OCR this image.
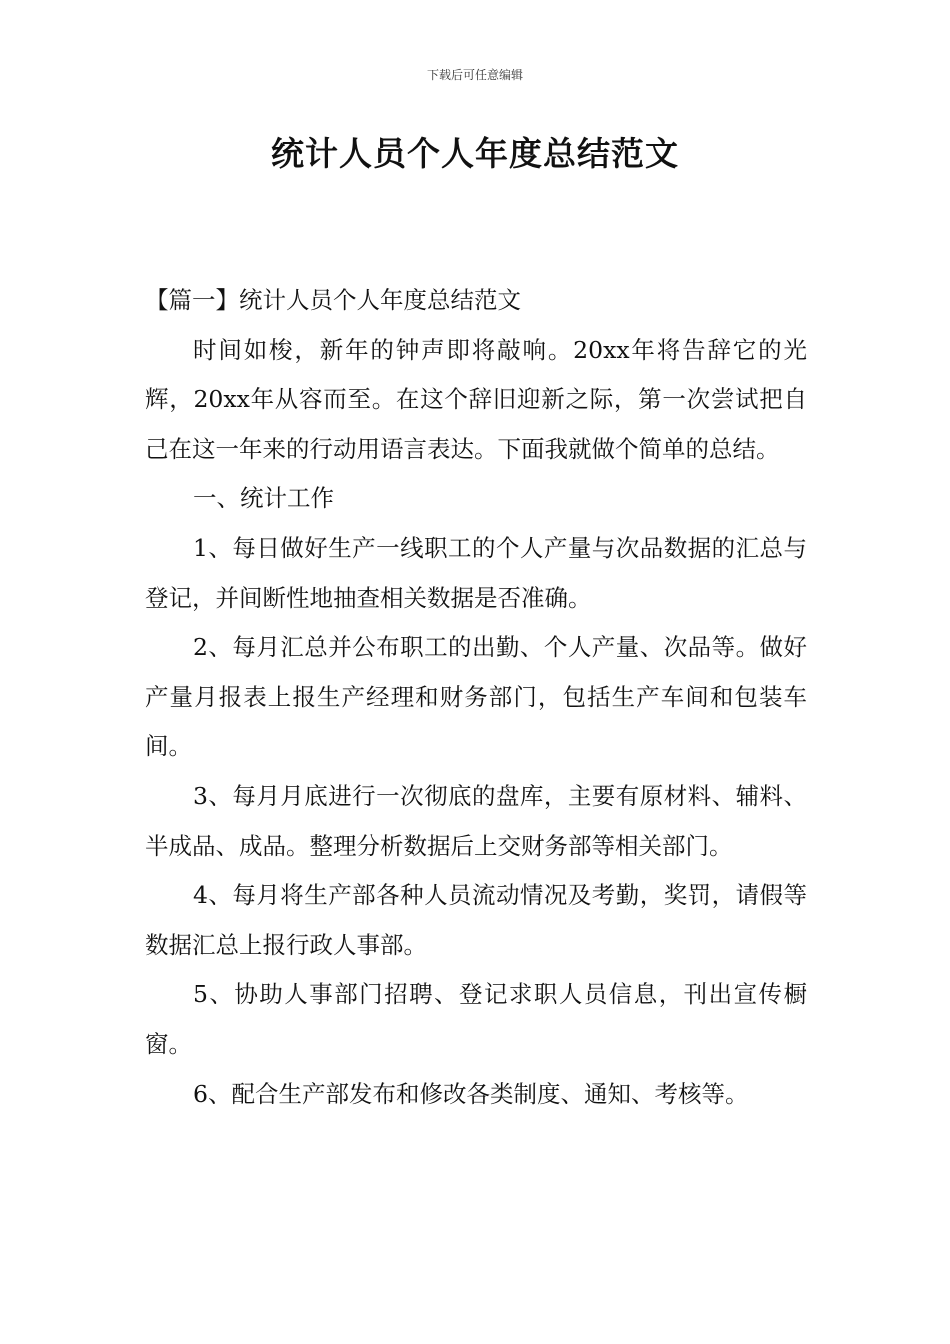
下载后可任意编辑
统计人员个人年度总结范文

【篇一】统计人员个人年度总结范文

时间如梭，新年的钟声即将敲响。20xx年将告辞它的光辉，20xx年从容而至。在这个辞旧迎新之际，第一次尝试把自己在这一年来的行动用语言表达。下面我就做个简单的总结。

一、统计工作

1、每日做好生产一线职工的个人产量与次品数据的汇总与登记，并间断性地抽查相关数据是否准确。

2、每月汇总并公布职工的出勤、个人产量、次品等。做好产量月报表上报生产经理和财务部门，包括生产车间和包装车间。

3、每月月底进行一次彻底的盘库，主要有原材料、辅料、半成品、成品。整理分析数据后上交财务部等相关部门。

4、每月将生产部各种人员流动情况及考勤，奖罚，请假等数据汇总上报行政人事部。

5、协助人事部门招聘、登记求职人员信息，刊出宣传橱窗。

6、配合生产部发布和修改各类制度、通知、考核等。
